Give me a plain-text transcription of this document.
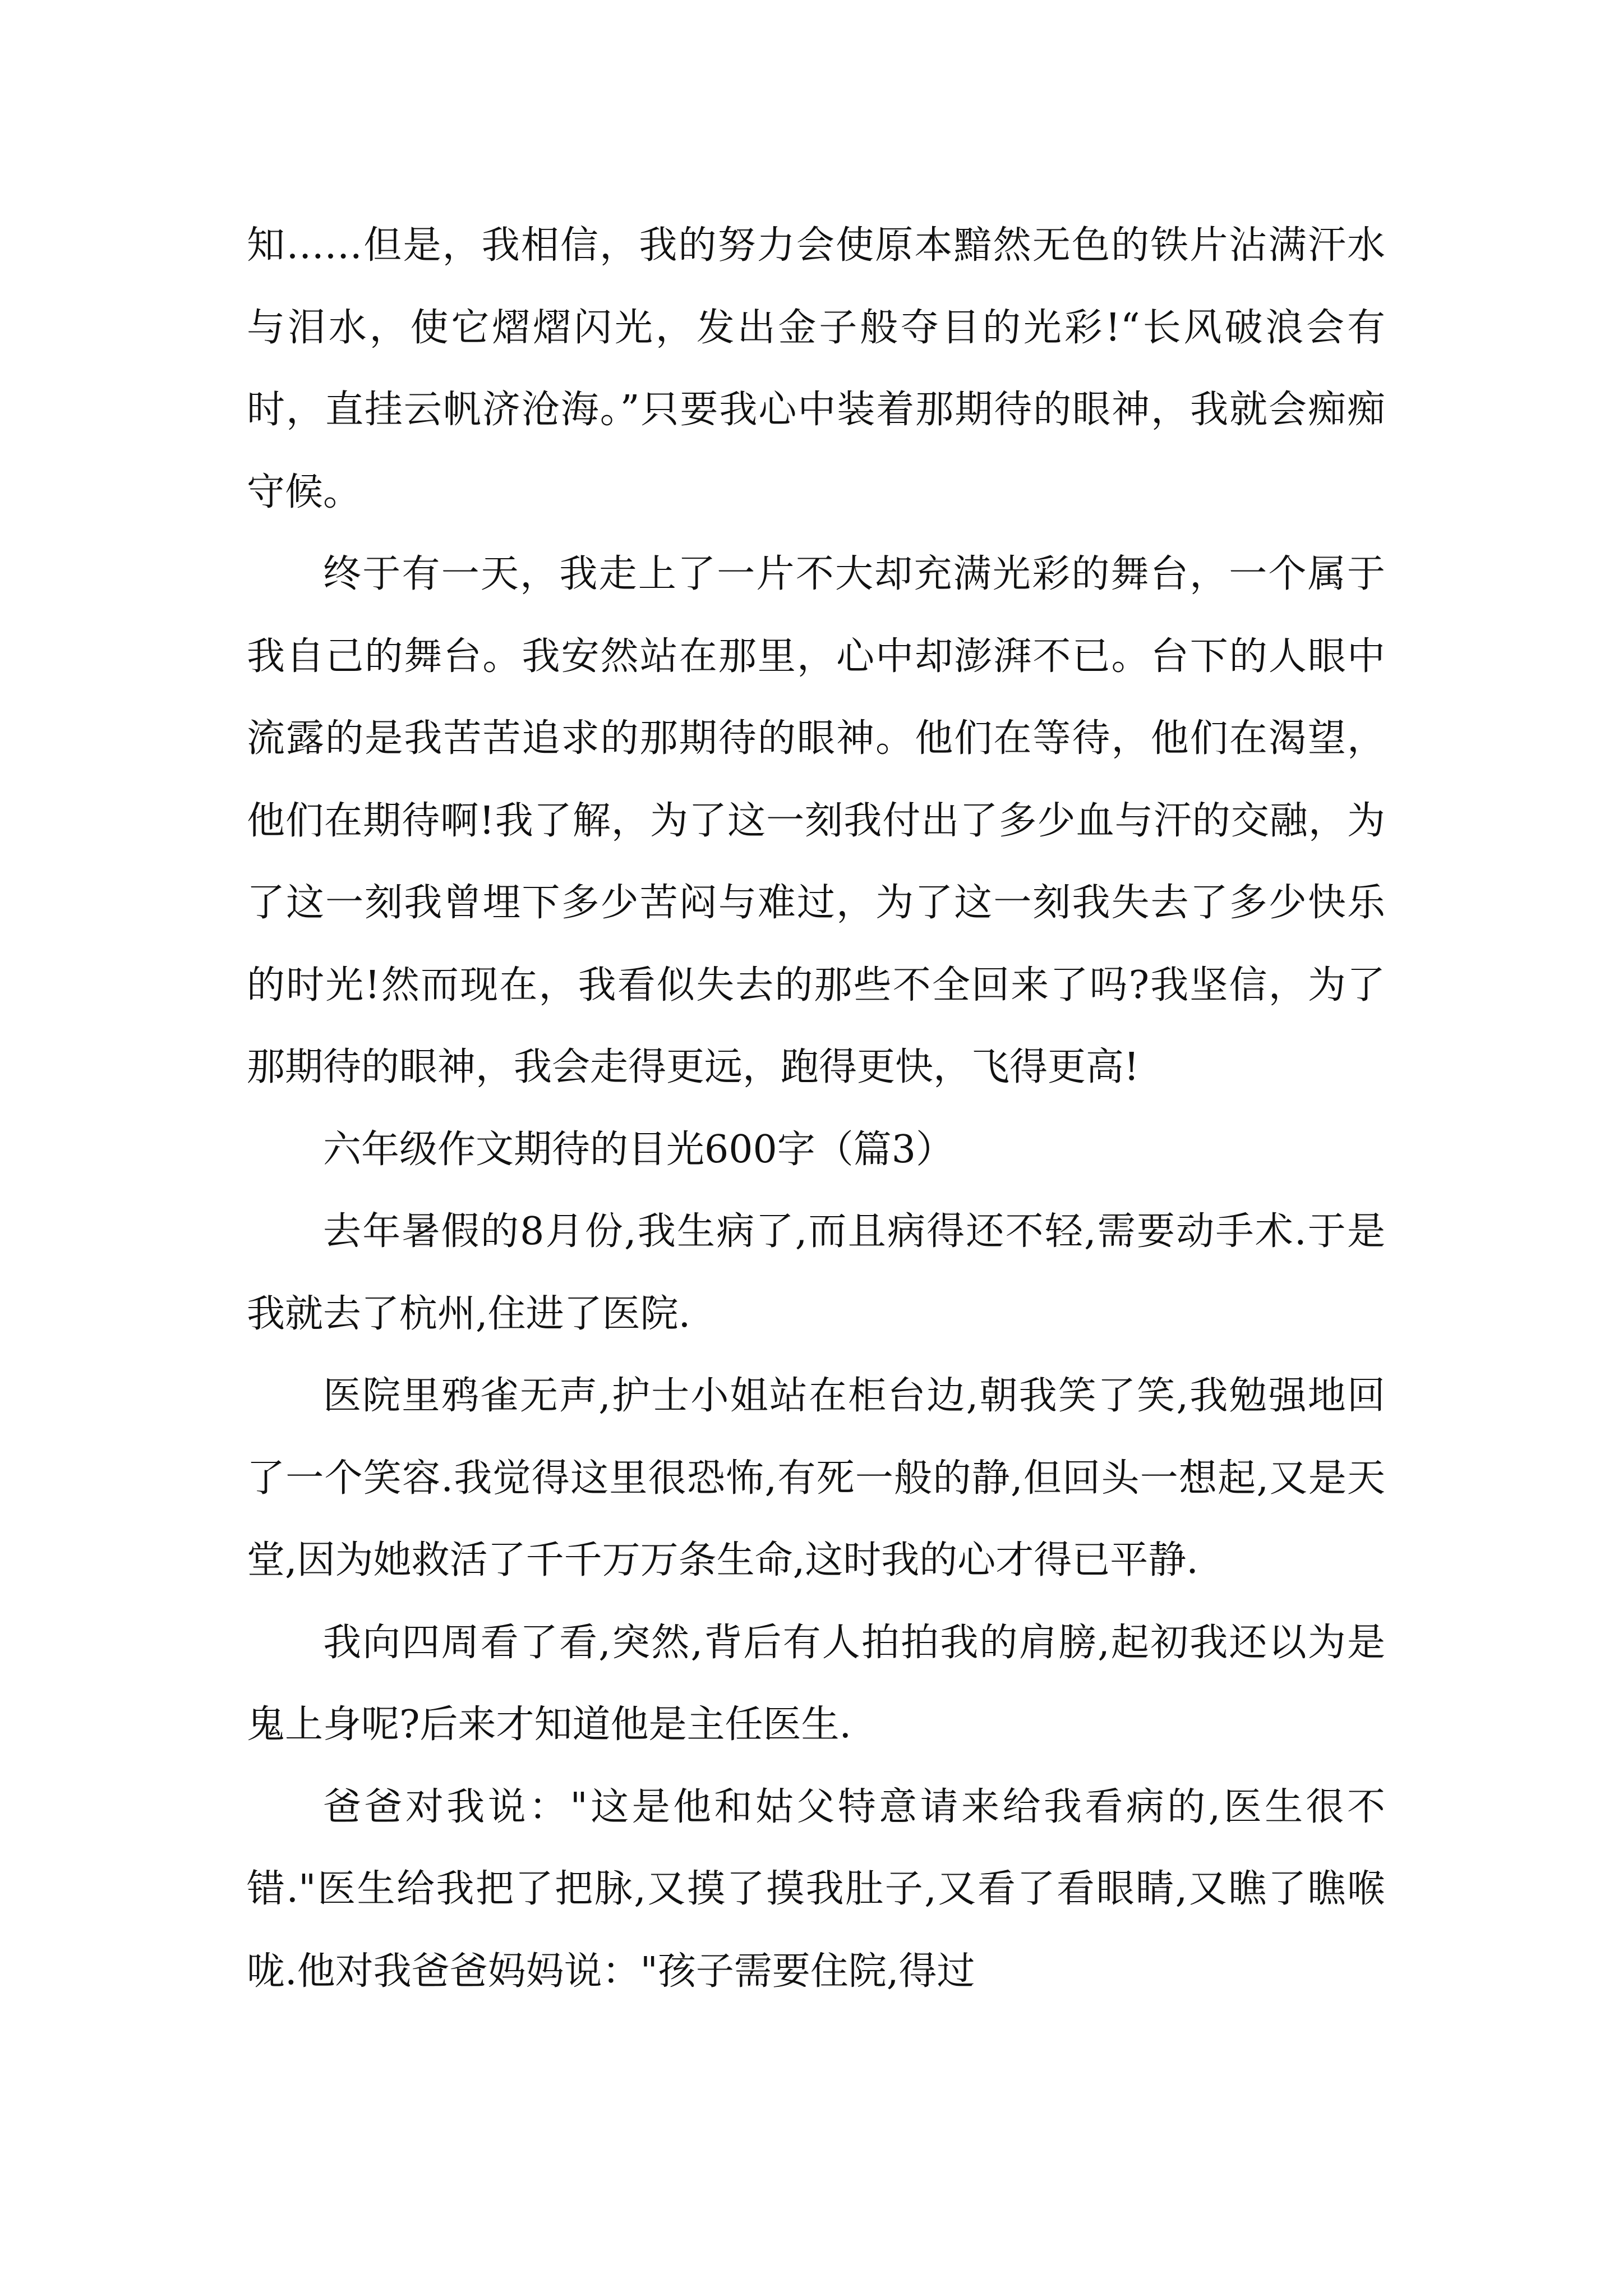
知……但是，我相信，我的努力会使原本黯然无色的铁片沾满汗水与泪水，使它熠熠闪光，发出金子般夺目的光彩!“长风破浪会有时，直挂云帆济沧海。”只要我心中装着那期待的眼神，我就会痴痴守候。

终于有一天，我走上了一片不大却充满光彩的舞台，一个属于我自己的舞台。我安然站在那里，心中却澎湃不已。台下的人眼中流露的是我苦苦追求的那期待的眼神。他们在等待，他们在渴望，他们在期待啊!我了解，为了这一刻我付出了多少血与汗的交融，为了这一刻我曾埋下多少苦闷与难过，为了这一刻我失去了多少快乐的时光!然而现在，我看似失去的那些不全回来了吗?我坚信，为了那期待的眼神，我会走得更远，跑得更快，飞得更高!

六年级作文期待的目光600字（篇3）

去年暑假的8月份,我生病了,而且病得还不轻,需要动手术.于是我就去了杭州,住进了医院.

医院里鸦雀无声,护士小姐站在柜台边,朝我笑了笑,我勉强地回了一个笑容.我觉得这里很恐怖,有死一般的静,但回头一想起,又是天堂,因为她救活了千千万万条生命,这时我的心才得已平静.

我向四周看了看,突然,背后有人拍拍我的肩膀,起初我还以为是鬼上身呢?后来才知道他是主任医生.

爸爸对我说："这是他和姑父特意请来给我看病的,医生很不错."医生给我把了把脉,又摸了摸我肚子,又看了看眼睛,又瞧了瞧喉咙.他对我爸爸妈妈说："孩子需要住院,得过
